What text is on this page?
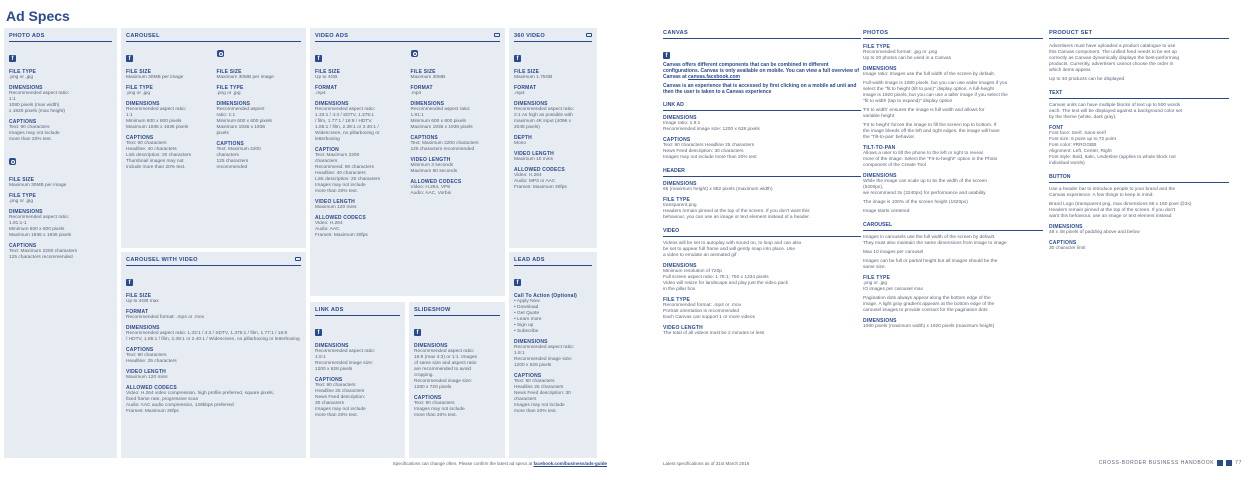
Ad Specs
PHOTO ADS
f
FILE TYPE
.png or .jpg
DIMENSIONS
Recommended aspect ratio:
1:1
1080 pixels (max width)
x 1920 pixels (max height)
CAPTIONS
Text: 90 characters
Images may not include
more than 20% text.
FILE SIZE
Maximum 30MB per image
FILE TYPE
.png or .jpg
DIMENSIONS
Recommended aspect ratio:
1.91:1-1
Minimum 600 x 600 pixels
Maximum 1936 x 1936 pixels
CAPTIONS
Text: Maximum 2200 characters
125 characters recommended
CAROUSEL
f
FILE SIZE
Maximum 30MB per image
FILE TYPE
.png or .jpg
DIMENSIONS
Recommended aspect ratio:
1:1
Minimum 600 x 600 pixels
Maximum 1936 x 1936 pixels
CAPTIONS
Text: 90 characters
Headline: 40 characters
Link description: 20 characters
Thumbnail images may not
include more than 20% text.
FILE SIZE
Maximum 30MB per image
FILE TYPE
.png or .jpg
DIMENSIONS
Recommended aspect
ratio: 1:1
Minimum 600 x 600 pixels
Maximum 1936 x 1936
pixels
CAPTIONS
Text: Maximum 2200
characters
125 characters
recommended
CAROUSEL WITH VIDEO
f
FILE SIZE
Up to 4GB max
FORMAT
Recommended format: .mp4 or .mov
DIMENSIONS
Recommended aspect ratio: 1.33:1 / 4:3 / SDTV, 1.375:1 / film, 1.77:1 / 16:9
/ HDTV, 1.85:1 / film, 2.39:1 or 2.40:1 / Widescreen, no pillarboxing or letterboxing
CAPTIONS
Text: 90 characters
Headline: 25 characters
VIDEO LENGTH
Maximum 120 mins
ALLOWED CODECS
Video: H.264 video compression, high profile preferred, square pixels,
fixed frame rate, progressive scan
Audio: AAC audio compression, 128kbps preferred
Frames: Maximum 30fps
VIDEO ADS
f
FILE SIZE
Up to 4GB
FORMAT
.mp4
DIMENSIONS
Recommended aspect ratio:
1.33:1 / 4:3 / SDTV, 1.375:1
/ film, 1.77:1 / 16:9 / HDTV,
1.85:1 / film, 2.39:1 or 2.40:1 /
Widescreen, no pillarboxing or
letterboxing
CAPTION
Text: Maximum 2200
characters
Recommend: 90 characters
Headline: 40 characters
Link description: 20 characters
Images may not include
more than 20% text.
VIDEO LENGTH
Maximum 120 mins
ALLOWED CODECS
Video: H.264
Audio: AAC
Frames: Maximum 30fps
FILE SIZE
Maximum 30MB
FORMAT
.mp4
DIMENSIONS
Recommended aspect ratio:
1.91:1
Minimum 600 x 600 pixels
Maximum 1936 x 1936 pixels
CAPTIONS
Text: Maximum 2200 characters
125 characters recommended
VIDEO LENGTH
Minimum 3 seconds
Maximum 60 seconds
ALLOWED CODECS
Video: H.264, VP8
Audio: AAC, Vorbis
360 VIDEO
f
FILE SIZE
Maximum 1.75GB
FORMAT
.mp4
DIMENSIONS
Recommended aspect ratio:
2:1 As high as possible with
maximum 4K input (4096 x
2048 pixels)
DEPTH
Mono
VIDEO LENGTH
Maximum 10 mins
ALLOWED CODECS
Video: H.264
Audio: MP3 or AAC
Frames: Maximum 30fps
LINK ADS
f
DIMENSIONS
Recommended aspect ratio:
1.9:1
Recommended image size:
1200 x 628 pixels
CAPTIONS
Text: 90 characters
Headline 25 characters
News Feed description:
30 characters
Images may not include
more than 20% text.
SLIDESHOW
f
DIMENSIONS
Recommended aspect ratio:
16:9 (max 4:3) or 1:1. Images
of same size and aspect ratio
are recommended to avoid
cropping.
Recommended image size:
1280 x 720 pixels
CAPTIONS
Text: 90 characters
Images may not include
more than 20% text.
LEAD ADS
f
Call To Action (Optional)
• Apply Now
• Download
• Get Quote
• Learn more
• Sign up
• Subscribe
DIMENSIONS
Recommended aspect ratio:
1.9:1
Recommended image size:
1200 x 628 pixels
CAPTIONS
Text: 90 characters
Headline 25 characters
News Feed description: 30
characters
Images may not include
more than 20% text.
Specifications can change often. Please confirm the latest ad specs at facebook.com/business/ads-guide
CANVAS
f
Canvas offers different components that can be combined in different configurations. Canvas is only available on mobile. You can view a full overview of Canvas at canvas.facebook.com
Canvas is an experience that is accessed by first clicking on a mobile ad unit and then the user is taken to a Canvas experience
LINK AD
DIMENSIONS
Image ratio: 1.9:1
Recommended image size: 1200 x 628 pixels
CAPTIONS
Text: 90 characters Headline 25 characters
News Feed description: 30 characters
Images may not include more than 20% text
HEADER
DIMENSIONS
66 (maximum height) x 882 pixels (maximum width)
FILE TYPE
transparent.png
Headers remain pinned at the top of the screen. If you don't want this
behaviour, you can use an image or text element instead of a header.
VIDEO
Videos will be set to autoplay with sound on, to loop and can also
be set to appear full frame and will gently snap into place. Use
a video to emulate an animated gif
DIMENSIONS
Minimum resolution of 720p
Full screen aspect ratio: 1.78:1; 750 x 1334 pixels
Video will resize for landscape and play just the video pack
in the pillar box
FILE TYPE
Recommended format: .mp4 or .mov
Portrait orientation is recommended
Each Canvas can support 1 or more videos
VIDEO LENGTH
The total of all videos must be 2 minutes or less
PHOTOS
FILE TYPE
Recommended format: .jpg or .png
Up to 20 photos can be used in a Canvas
DIMENSIONS
Image ratio: Images use the full width of the screen by default.
Full-width image is 1080 pixels, but you can use wider images if you
select the "fit to height (tilt to pan)" display option. A full-height
image is 1920 pixels, but you can use a taller image if you select the
"fit to width (tap to expand)" display option
'Fit to width' ensures the image is full width and allows for
variable height
'Fit to height' forces the image to fill the screen top to bottom. If
the image bleeds off the left and right edges, the image will have
the 'Tilt-to-pan' behavior.
TILT-TO-PAN
Allows a user to tilt the phone to the left or right to reveal
more of the image. Select the "Fit-to-height" option in the Photo
component of the Create Tool
DIMENSIONS
While the image can scale up to 5x the width of the screen
(5400px),
we recommend 3x (3240px) for performance and usability
The image is 100% of the screen height (1920px)
Image starts centered
CAROUSEL
Images in carousels use the full width of the screen by default.
They must also maintain the same dimensions from image to image
Max 10 images per carousel
Images can be full or partial height but all images should be the
same size.
FILE TYPE
.png or .jpg
IO images per carousel max
Pagination dots always appear along the bottom edge of the
image. A light gray gradient appears at the bottom edge of the
carousel images to provide contract for the pagination dots
DIMENSIONS
1080 pixels (maximum width) x 1920 pixels (maximum height)
PRODUCT SET
Advertisers must have uploaded a product catalogue to use
this Canvas component. The unified feed needs to be set up
correctly as Canvas dynamically displays the best-performing
products. Currently, advertisers cannot choose the order in
which items appear.
Up to 40 products can be displayed
TEXT
Canvas units can have multiple blocks of text up to 500 words
each. The text will be displayed against a background color set
by the theme (white, dark gray).
FONT
Font face: Serif, Sans-serif
Font size: 6 point up to 72 point
Font color: #RRGGBB
Alignment: Left, Center, Right
Font style: Bold, Italic, Underline (applies to whole block not
individual words)
BUTTON
Use a header bar to introduce people to your brand and the
Canvas experience. A few things to keep in mind:
Brand Logo (transparent png, max dimensions 66 x 180 pixel @3x)
Headers remain pinned at the top of the screen. If you don't
want this behaviour, use an image or text element instead
DIMENSIONS
48 x 48 pixels of padding above and below
CAPTIONS
30 character limit
Latest specifications as of 31st March 2016	CROSS-BORDER BUSINESS HANDBOOK	77
